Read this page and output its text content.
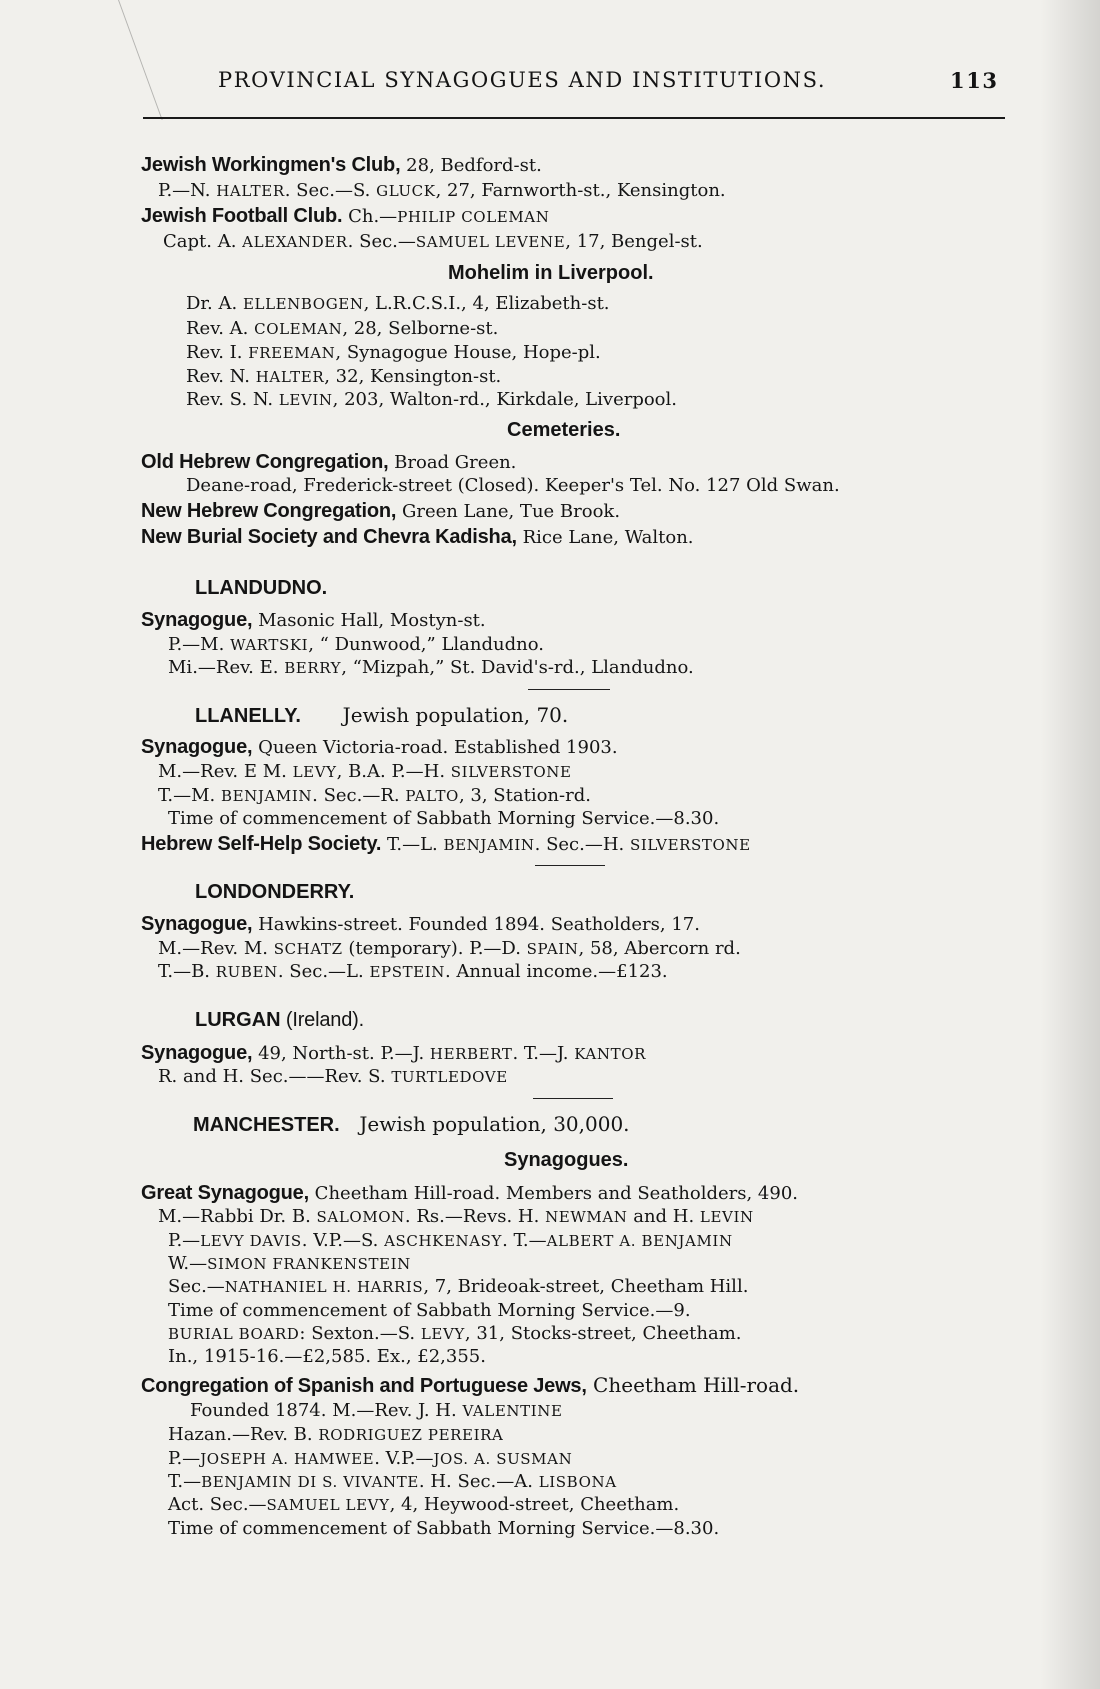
PROVINCIAL SYNAGOGUES AND INSTITUTIONS.	113
Jewish Workingmen's Club, 28, Bedford-st.
P.—N. HALTER. Sec.—S. GLUCK, 27, Farnworth-st., Kensington.
Jewish Football Club. Ch.—PHILIP COLEMAN
Capt. A. ALEXANDER. Sec.—SAMUEL LEVENE, 17, Bengel-st.
Mohelim in Liverpool.
Dr. A. ELLENBOGEN, L.R.C.S.I., 4, Elizabeth-st.
Rev. A. COLEMAN, 28, Selborne-st.
Rev. I. FREEMAN, Synagogue House, Hope-pl.
Rev. N. HALTER, 32, Kensington-st.
Rev. S. N. LEVIN, 203, Walton-rd., Kirkdale, Liverpool.
Cemeteries.
Old Hebrew Congregation, Broad Green.
Deane-road, Frederick-street (Closed). Keeper's Tel. No. 127 Old Swan.
New Hebrew Congregation, Green Lane, Tue Brook.
New Burial Society and Chevra Kadisha, Rice Lane, Walton.
LLANDUDNO.
Synagogue, Masonic Hall, Mostyn-st.
P.—M. WARTSKI, “ Dunwood,” Llandudno.
Mi.—Rev. E. BERRY, “Mizpah,” St. David's-rd., Llandudno.
LLANELLY. Jewish population, 70.
Synagogue, Queen Victoria-road. Established 1903.
M.—Rev. E M. LEVY, B.A. P.—H. SILVERSTONE
T.—M. BENJAMIN. Sec.—R. PALTO, 3, Station-rd.
Time of commencement of Sabbath Morning Service.—8.30.
Hebrew Self-Help Society. T.—L. BENJAMIN. Sec.—H. SILVERSTONE
LONDONDERRY.
Synagogue, Hawkins-street. Founded 1894. Seatholders, 17.
M.—Rev. M. SCHATZ (temporary). P.—D. SPAIN, 58, Abercorn rd.
T.—B. RUBEN. Sec.—L. EPSTEIN. Annual income.—£123.
LURGAN (Ireland).
Synagogue, 49, North-st. P.—J. HERBERT. T.—J. KANTOR
R. and H. Sec.——Rev. S. TURTLEDOVE
MANCHESTER. Jewish population, 30,000.
Synagogues.
Great Synagogue, Cheetham Hill-road. Members and Seatholders, 490.
M.—Rabbi Dr. B. SALOMON. Rs.—Revs. H. NEWMAN and H. LEVIN
P.—LEVY DAVIS. V.P.—S. ASCHKENASY. T.—ALBERT A. BENJAMIN
W.—SIMON FRANKENSTEIN
Sec.—NATHANIEL H. HARRIS, 7, Brideoak-street, Cheetham Hill.
Time of commencement of Sabbath Morning Service.—9.
BURIAL BOARD: Sexton.—S. LEVY, 31, Stocks-street, Cheetham.
In., 1915-16.—£2,585. Ex., £2,355.
Congregation of Spanish and Portuguese Jews, Cheetham Hill-road.
Founded 1874. M.—Rev. J. H. VALENTINE
Hazan.—Rev. B. RODRIGUEZ PEREIRA
P.—JOSEPH A. HAMWEE. V.P.—JOS. A. SUSMAN
T.—BENJAMIN DI S. VIVANTE. H. Sec.—A. LISBONA
Act. Sec.—SAMUEL LEVY, 4, Heywood-street, Cheetham.
Time of commencement of Sabbath Morning Service.—8.30.
